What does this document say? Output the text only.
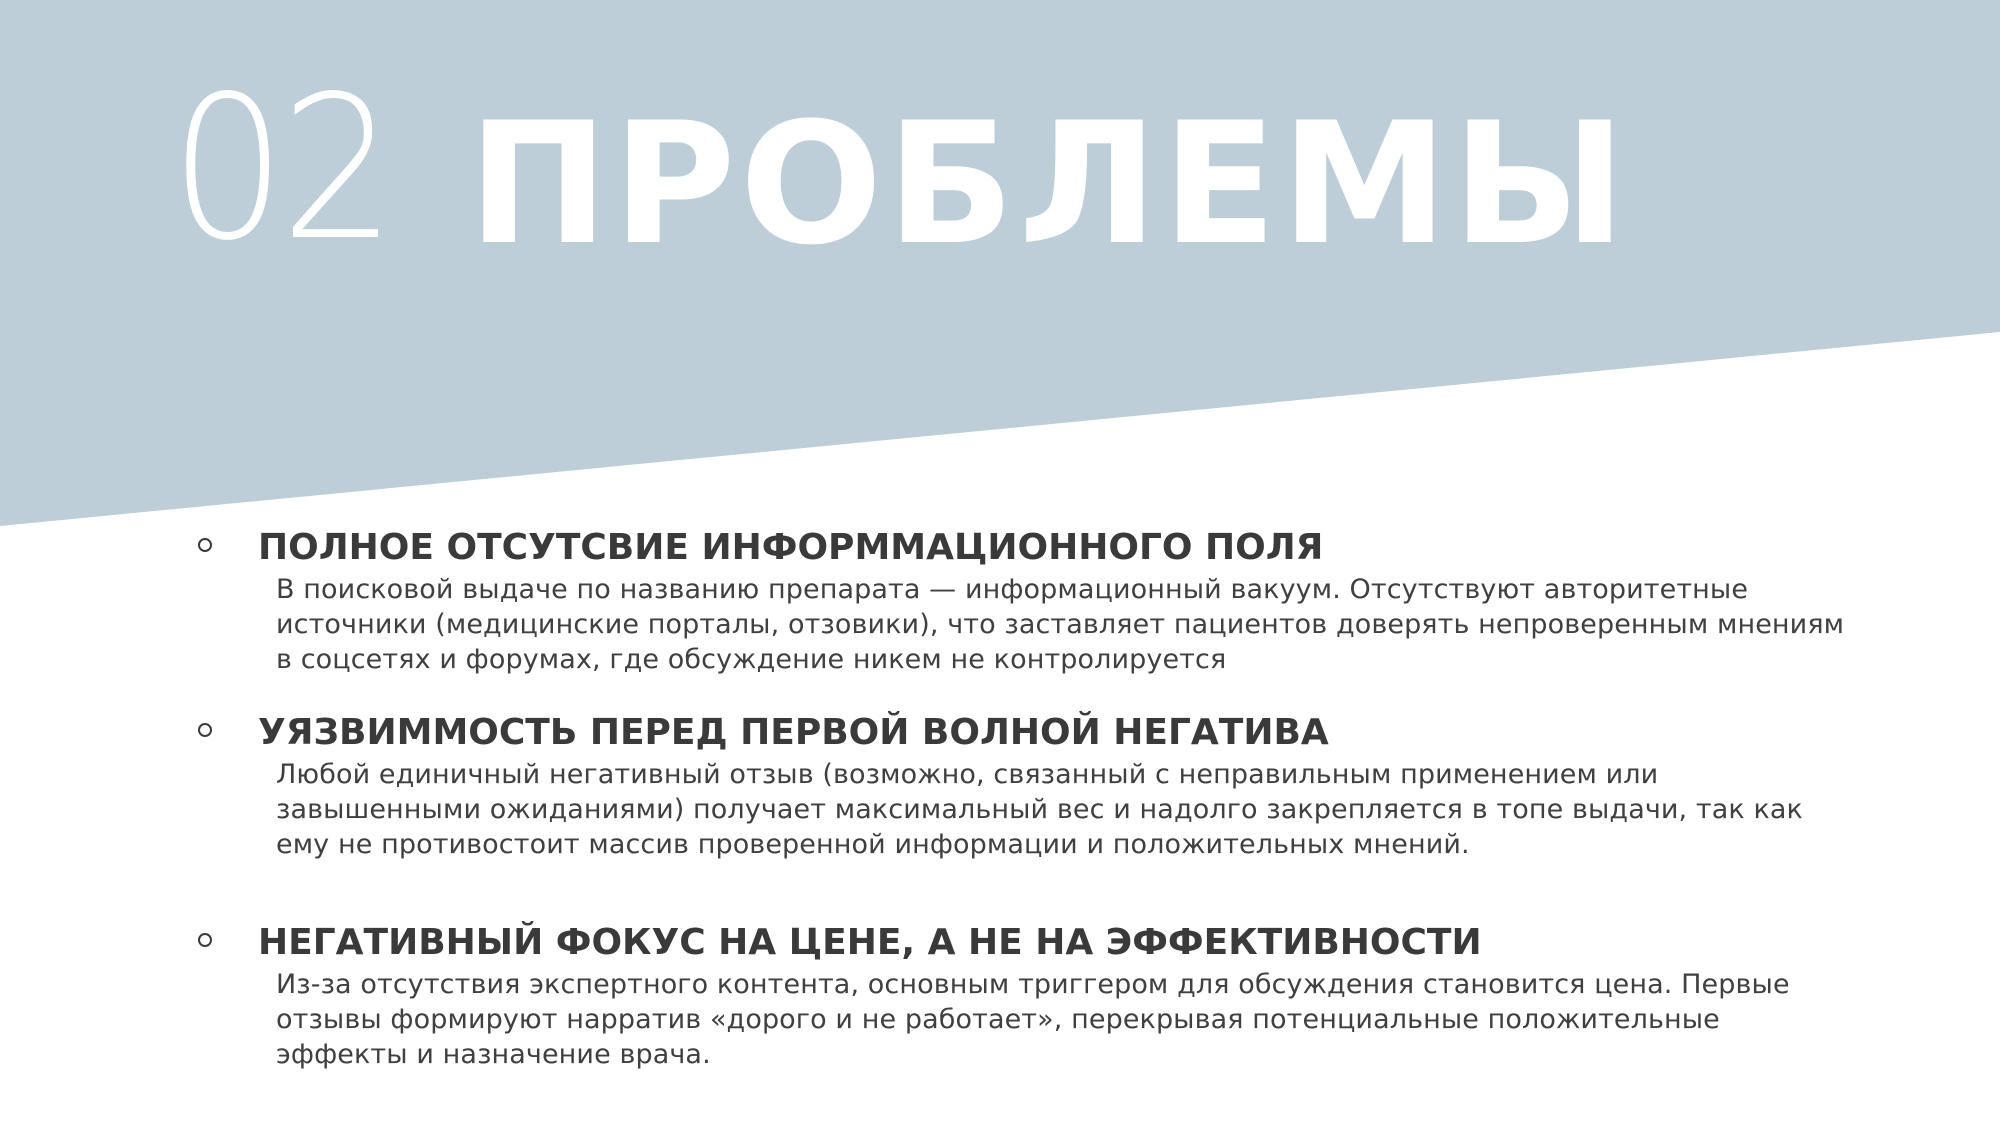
02 ПРОБЛЕМЫ
ПОЛНОЕ ОТСУТСВИЕ ИНФОРММАЦИОННОГО ПОЛЯ
В поисковой выдаче по названию препарата — информационный вакуум. Отсутствуют авторитетные источники (медицинские порталы, отзовики), что заставляет пациентов доверять непроверенным мнениям в соцсетях и форумах, где обсуждение никем не контролируется
УЯЗВИММОСТЬ ПЕРЕД ПЕРВОЙ ВОЛНОЙ НЕГАТИВА
Любой единичный негативный отзыв (возможно, связанный с неправильным применением или завышенными ожиданиями) получает максимальный вес и надолго закрепляется в топе выдачи, так как ему не противостоит массив проверенной информации и положительных мнений.
НЕГАТИВНЫЙ ФОКУС НА ЦЕНЕ, А НЕ НА ЭФФЕКТИВНОСТИ
Из-за отсутствия экспертного контента, основным триггером для обсуждения становится цена. Первые отзывы формируют нарратив «дорого и не работает», перекрывая потенциальные положительные эффекты и назначение врача.
